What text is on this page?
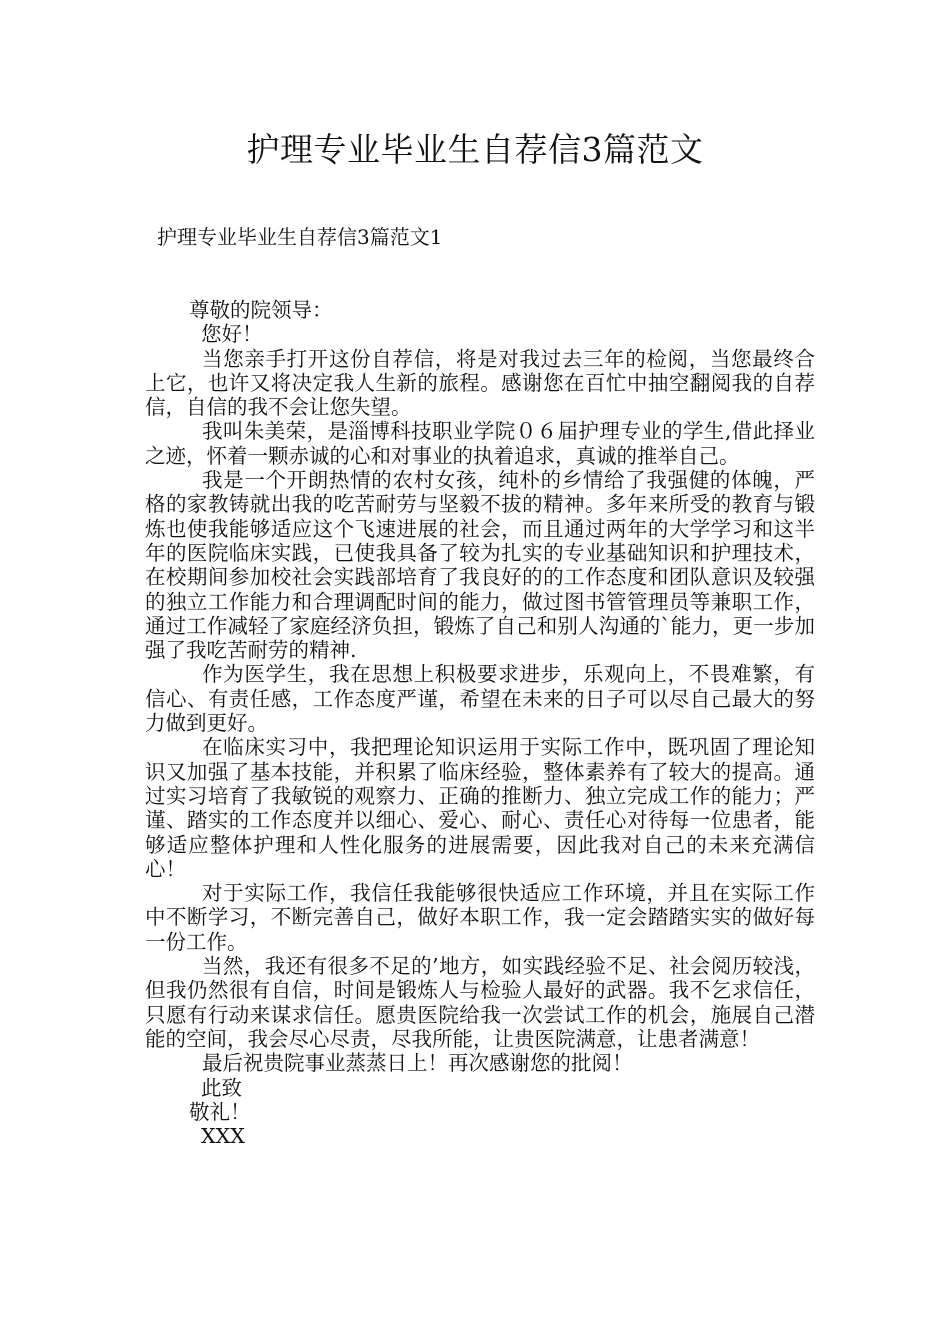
护理专业毕业生自荐信3篇范文
护理专业毕业生自荐信3篇范文1
尊敬的院领导：
您好！
当您亲手打开这份自荐信，将是对我过去三年的检阅，当您最终合上它，也许又将决定我人生新的旅程。感谢您在百忙中抽空翻阅我的自荐信，自信的我不会让您失望。
我叫朱美荣，是淄博科技职业学院０６届护理专业的学生,借此择业之迹，怀着一颗赤诚的心和对事业的执着追求，真诚的推举自己。
我是一个开朗热情的农村女孩，纯朴的乡情给了我强健的体魄，严格的家教铸就出我的吃苦耐劳与坚毅不拔的精神。多年来所受的教育与锻炼也使我能够适应这个飞速进展的社会，而且通过两年的大学学习和这半年的医院临床实践，已使我具备了较为扎实的专业基础知识和护理技术，在校期间参加校社会实践部培育了我良好的的工作态度和团队意识及较强的独立工作能力和合理调配时间的能力，做过图书管管理员等兼职工作，通过工作减轻了家庭经济负担，锻炼了自己和别人沟通的`能力，更一步加强了我吃苦耐劳的精神.
作为医学生，我在思想上积极要求进步，乐观向上，不畏难繁，有信心、有责任感，工作态度严谨，希望在未来的日子可以尽自己最大的努力做到更好。
在临床实习中，我把理论知识运用于实际工作中，既巩固了理论知识又加强了基本技能，并积累了临床经验，整体素养有了较大的提高。通过实习培育了我敏锐的观察力、正确的推断力、独立完成工作的能力；严谨、踏实的工作态度并以细心、爱心、耐心、责任心对待每一位患者，能够适应整体护理和人性化服务的进展需要，因此我对自己的未来充满信心！
对于实际工作，我信任我能够很快适应工作环境，并且在实际工作中不断学习，不断完善自己，做好本职工作，我一定会踏踏实实的做好每一份工作。
当然，我还有很多不足的’地方，如实践经验不足、社会阅历较浅，但我仍然很有自信，时间是锻炼人与检验人最好的武器。我不乞求信任，只愿有行动来谋求信任。愿贵医院给我一次尝试工作的机会，施展自己潜能的空间，我会尽心尽责，尽我所能，让贵医院满意，让患者满意！
最后祝贵院事业蒸蒸日上！再次感谢您的批阅！
此致
敬礼！
XXX
